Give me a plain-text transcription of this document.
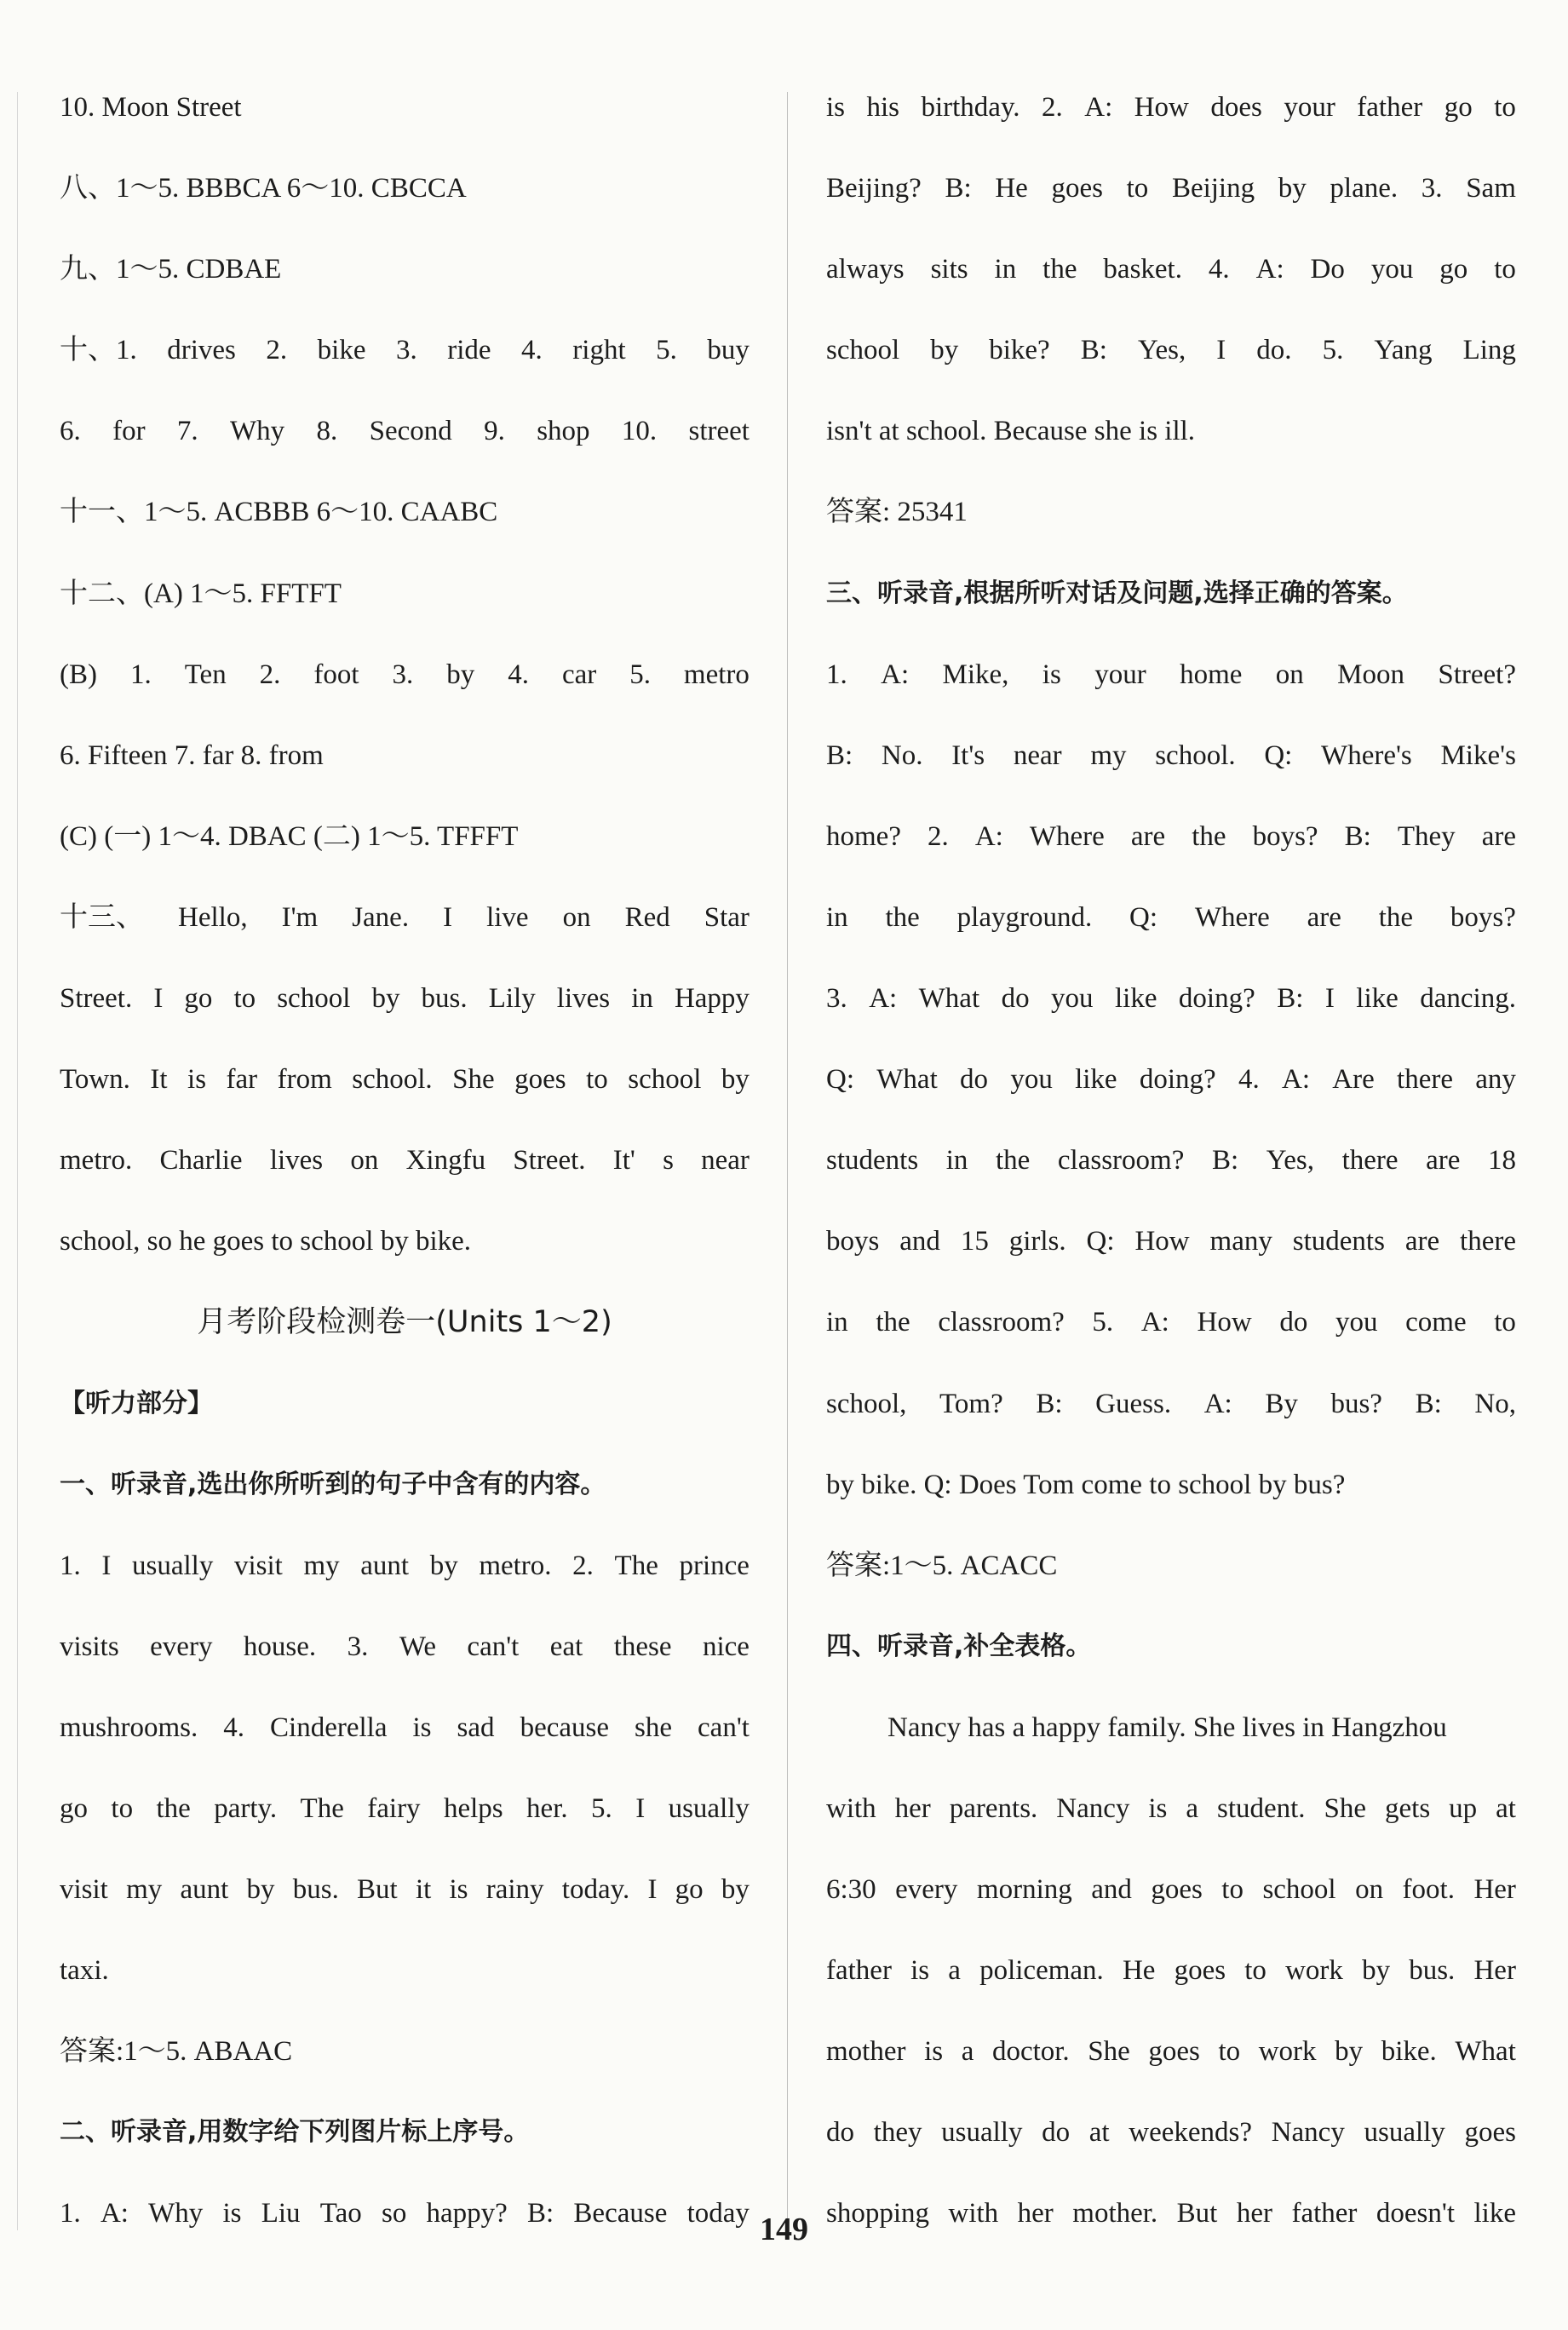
10. Moon Street
八、1～5. BBBCA 6～10. CBCCA
九、1～5. CDBAE
十、1. drives 2. bike 3. ride 4. right 5. buy
6. for 7. Why 8. Second 9. shop 10. street
十一、1～5. ACBBB 6～10. CAABC
十二、(A) 1～5. FFTFT
(B) 1. Ten 2. foot 3. by 4. car 5. metro
6. Fifteen 7. far 8. from
(C) (一) 1～4. DBAC (二) 1～5. TFFFT
十三、 Hello, I'm Jane. I live on Red Star
Street. I go to school by bus. Lily lives in Happy
Town. It is far from school. She goes to school by
metro. Charlie lives on Xingfu Street. It' s near
school, so he goes to school by bike.
月考阶段检测卷一(Units 1～2)
【听力部分】
一、听录音,选出你所听到的句子中含有的内容。
1. I usually visit my aunt by metro. 2. The prince
visits every house. 3. We can't eat these nice
mushrooms. 4. Cinderella is sad because she can't
go to the party. The fairy helps her. 5. I usually
visit my aunt by bus. But it is rainy today. I go by
taxi.
答案:1～5. ABAAC
二、听录音,用数字给下列图片标上序号。
1. A: Why is Liu Tao so happy? B: Because today
is his birthday. 2. A: How does your father go to
Beijing? B: He goes to Beijing by plane. 3. Sam
always sits in the basket. 4. A: Do you go to
school by bike? B: Yes, I do. 5. Yang Ling
isn't at school. Because she is ill.
答案: 25341
三、听录音,根据所听对话及问题,选择正确的答案。
1. A: Mike, is your home on Moon Street?
B: No. It's near my school. Q: Where's Mike's
home? 2. A: Where are the boys? B: They are
in the playground. Q: Where are the boys?
3. A: What do you like doing? B: I like dancing.
Q: What do you like doing? 4. A: Are there any
students in the classroom? B: Yes, there are 18
boys and 15 girls. Q: How many students are there
in the classroom? 5. A: How do you come to
school, Tom? B: Guess. A: By bus? B: No,
by bike. Q: Does Tom come to school by bus?
答案:1～5. ACACC
四、听录音,补全表格。
Nancy has a happy family. She lives in Hangzhou
with her parents. Nancy is a student. She gets up at
6:30 every morning and goes to school on foot. Her
father is a policeman. He goes to work by bus. Her
mother is a doctor. She goes to work by bike. What
do they usually do at weekends? Nancy usually goes
shopping with her mother. But her father doesn't like
149
